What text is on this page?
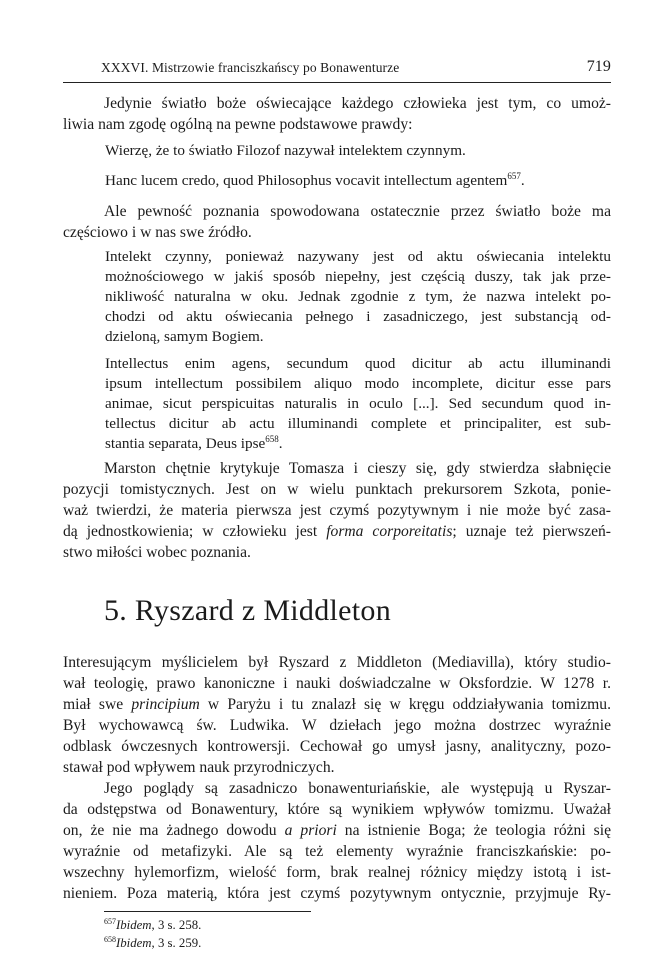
XXXVI. Mistrzowie franciszkańscy po Bonawenturze	719
Jedynie światło boże oświecające każdego człowieka jest tym, co umoż-
liwia nam zgodę ogólną na pewne podstawowe prawdy:
Wierzę, że to światło Filozof nazywał intelektem czynnym.
Hanc lucem credo, quod Philosophus vocavit intellectum agentem$^{657}$.
Ale pewność poznania spowodowana ostatecznie przez światło boże ma
częściowo i w nas swe źródło.
Intelekt czynny, ponieważ nazywany jest od aktu oświecania intelektu
możnościowego w jakiś sposób niepełny, jest częścią duszy, tak jak prze-
nikliwość naturalna w oku. Jednak zgodnie z tym, że nazwa intelekt po-
chodzi od aktu oświecania pełnego i zasadniczego, jest substancją od-
dzieloną, samym Bogiem.
Intellectus enim agens, secundum quod dicitur ab actu illuminandi
ipsum intellectum possibilem aliquo modo incomplete, dicitur esse pars
animae, sicut perspicuitas naturalis in oculo [...]. Sed secundum quod in-
tellectus dicitur ab actu illuminandi complete et principaliter, est sub-
stantia separata, Deus ipse$^{658}$.
Marston chętnie krytykuje Tomasza i cieszy się, gdy stwierdza słabnięcie
pozycji tomistycznych. Jest on w wielu punktach prekursorem Szkota, ponie-
waż twierdzi, że materia pierwsza jest czymś pozytywnym i nie może być zasa-
dą jednostkowienia; w człowieku jest forma corporeitatis; uznaje też pierwszeń-
stwo miłości wobec poznania.
5. Ryszard z Middleton
Interesującym myślicielem był Ryszard z Middleton (Mediavilla), który studio-
wał teologię, prawo kanoniczne i nauki doświadczalne w Oksfordzie. W 1278 r.
miał swe principium w Paryżu i tu znalazł się w kręgu oddziaływania tomizmu.
Był wychowawcą św. Ludwika. W dziełach jego można dostrzec wyraźnie
odblask ówczesnych kontrowersji. Cechował go umysł jasny, analityczny, pozo-
stawał pod wpływem nauk przyrodniczych.
Jego poglądy są zasadniczo bonawenturiańskie, ale występują u Ryszar-
da odstępstwa od Bonawentury, które są wynikiem wpływów tomizmu. Uważał
on, że nie ma żadnego dowodu a priori na istnienie Boga; że teologia różni się
wyraźnie od metafizyki. Ale są też elementy wyraźnie franciszkańskie: po-
wszechny hylemorfizm, wielość form, brak realnej różnicy między istotą i ist-
nieniem. Poza materią, która jest czymś pozytywnym ontycznie, przyjmuje Ry-
$^{657}$Ibidem, 3 s. 258.
$^{658}$Ibidem, 3 s. 259.
